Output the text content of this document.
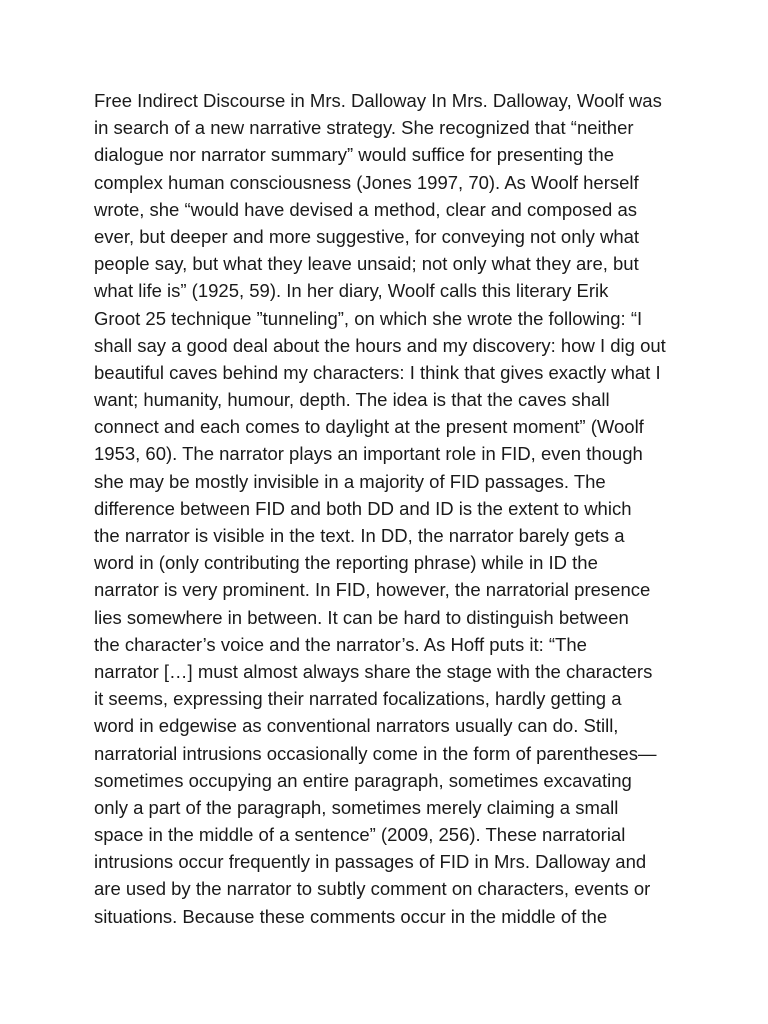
Free Indirect Discourse in Mrs. Dalloway In Mrs. Dalloway, Woolf was
in search of a new narrative strategy. She recognized that “neither
dialogue nor narrator summary” would suffice for presenting the
complex human consciousness (Jones 1997, 70). As Woolf herself
wrote, she “would have devised a method, clear and composed as
ever, but deeper and more suggestive, for conveying not only what
people say, but what they leave unsaid; not only what they are, but
what life is” (1925, 59). In her diary, Woolf calls this literary Erik
Groot 25 technique ”tunneling”, on which she wrote the following: “I
shall say a good deal about the hours and my discovery: how I dig out
beautiful caves behind my characters: I think that gives exactly what I
want; humanity, humour, depth. The idea is that the caves shall
connect and each comes to daylight at the present moment” (Woolf
1953, 60). The narrator plays an important role in FID, even though
she may be mostly invisible in a majority of FID passages. The
difference between FID and both DD and ID is the extent to which
the narrator is visible in the text. In DD, the narrator barely gets a
word in (only contributing the reporting phrase) while in ID the
narrator is very prominent. In FID, however, the narratorial presence
lies somewhere in between. It can be hard to distinguish between
the character’s voice and the narrator’s. As Hoff puts it: “The
narrator […] must almost always share the stage with the characters
it seems, expressing their narrated focalizations, hardly getting a
word in edgewise as conventional narrators usually can do. Still,
narratorial intrusions occasionally come in the form of parentheses—
sometimes occupying an entire paragraph, sometimes excavating
only a part of the paragraph, sometimes merely claiming a small
space in the middle of a sentence” (2009, 256). These narratorial
intrusions occur frequently in passages of FID in Mrs. Dalloway and
are used by the narrator to subtly comment on characters, events or
situations. Because these comments occur in the middle of the
